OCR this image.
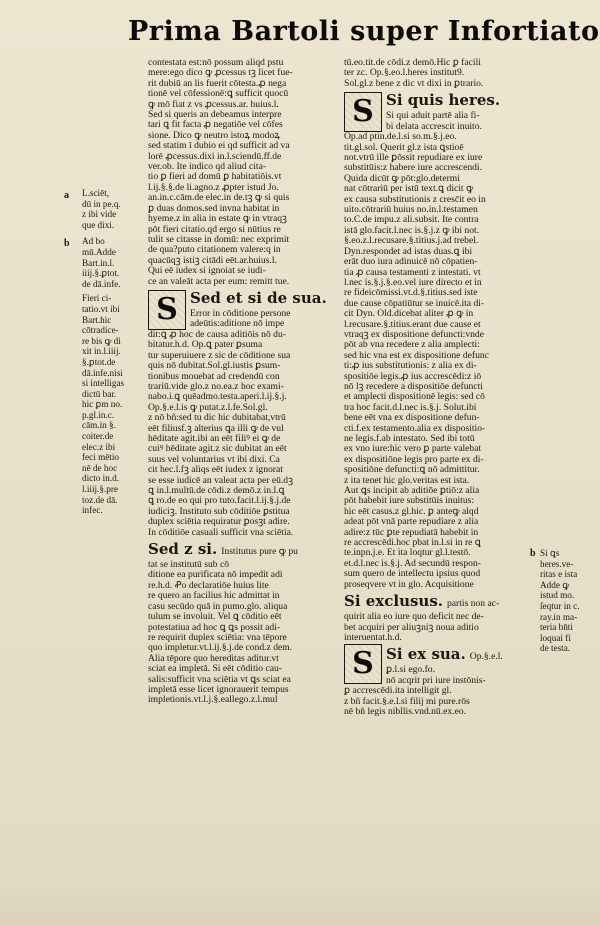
Prima Bartoli super Infortiato
a
b
L.sciēt,
dū in pe.q.
z ibi vide
que dixi.
Ad bo
mū.Adde
Bart.in.l.
iiij.§.ꝑtot.
de dā.infe.
Fieri ci-
tatio.vt ibi
Bart.hic
cōtradice-
re bis ꝙ di
xit in.l.iiij.
§.ꝑtot.de
dā.infe.nisi
si intelligas
dictū bar.
hic ꝑm no.
p.gl.in.c.
cām.in §.
coiter.de
elec.z ibi
feci mētio
nē de hoc
dicto in.d.
l.iiij.§.pre
toz.de dā.
infec.
contestata est:nō possum aliqd pstu
mere:ego dico ꝙ ꝓcessus tꝫ licet fue-
rit dubiū an lis fuerit cōtesta.ꝓ nega
tionē vel cōfessionē:ꝗ sufficit quocū
ꝙ mō fiat z vs ꝓcessus.ar. huius.l.
Sed si queris an debeamus interpre
tari ꝗ fit facta ꝓ negatiōe vel cōfes
sione. Dico ꝙ neutro istoꝝ modoꝝ
sed statim ī dubio ei qd sufficit ad va
lorē ꝓcessus.dixi in.l.sciendū.ff.de
ver.ob. Ite indico qd aliud cita-
tio ꝑ fieri ad domū ꝑ habitatiōis.vt
l.ij.§.§.de li.agno.z ꝓpter istud Jo.
an.in.c.cām.de elec.in de.tꝫ ꝙ si quis
ꝑ duas domos.sed invna habitat in
hyeme.z in alia in estate ꝙ in vtraqꝫ
pōt fieri citatio.qd ergo si nūtius re
tulit se citasse in domū: nec exprimit
de qua?puto citationem valere:q in
quacūqꝫ istiꝫ citādi eēt.ar.huius.l.
Qui eē iudex si ignoiat se iudi-
ce an valeāt acta per eum: remitt tue.
S Sed et si de sua.
Error in cōditione persone
adeūtis:aditione nō impe
dit:ꝗ ꝓ hoc de causa aditiōis nō du-
bitatur.h.d. Op.ꝗ pater ꝑsuma
tur superuiuere z sic de cōditione sua
quis nō dubitat.Sol.gl.iustis ꝑsum-
tionibus mouebat ad credendū con
trariū.vide glo.z no.ea.z hoc exami-
nabo.i.ꝗ quēadmo.testa.aperi.l.ij.§.j.
Op.§.e.l.is ꝙ putat.z.l.fe.Sol.gl.
z nō bñ:sed tu dic hic dubitabat,vtrū
eēt filiusf.ꝫ alterius ꝗa illi ꝙ de vul
hēditate agit.ibi an eēt filiꝰ ei ꝙ de
cuiꝰ hēditate agit.z sic dubitat an eēt
suus vel voluntarius vt ibi dixi. Ca
cit hec.l.fꝫ aliqs eēt iudex z ignorat
se esse iudicē an valeat acta per eū.dꝫ
ꝗ in.l.multū.de cōdi.z demō.z in.l.ꝗ
ꝗ ro.de eo qui pro tuto.facit.l.ij.§.j.de
iudiciꝫ. Instituto sub cōditiōe ꝑstitua
duplex sciētia requiratur ꝑosꝫt adire.
In cōditiōe casuali sufficit vna sciētia.
Sed z si. Institutus pure ꝙ pu
tat se institutū sub cō
ditione ea purificata nō impedit adi
re.h.d. Ꝓo declaratiōe huius lite
re quero an facilius hic admittat in
casu secūdo quā in pumo.glo. aliqua
tulum se involuit. Vel ꝗ cōditio eēt
potestatiua ad hoc ꝗ ꝗs possit adi-
re requirit duplex sciētia: vna tēpore
quo impletur.vt.l.ij.§.j.de cond.z dem.
Alia tēpore quo hereditas aditur.vt
sciat ea impletā. Si eēt cōditio cau-
salis:sufficit vna sciētia vt ꝗs sciat ea
impletā esse licet ignorauerit tempus
impletionis.vt.l.j.§.eallego.z.l.mul
tū.eo.tit.de cōdi.z demō.Hic ꝑ facili
ter zc. Op.§.eo.l.heres institut9.
Sol.gl.z bene z dic vt dixi in ꝑtrario.
S Si quis heres.
Si qui aduit partē alia fi-
bi delata accrescit inuito.
Op.ad ptin.de.l.si so.m.§.j.eo.
tit.gl.sol. Querit gl.z ista ꝗstioē
not.vtrū ille ꝑōssit repudiare ex iure
substitūis:z habere iure accrescendi.
Quida dicūt ꝙ pōt:glo.determi
nat cōtrariū per istū text.ꝗ dicit ꝙ
ex causa substitutionis z cresc̄it eo in
uito.cōtrariū huius no.in.l.testamen
to.C.de impu.z ali.subsit. Ite contra
istā glo.facit.l.nec is.§.j.z ꝙ ibi not.
§.eo.z.l.recusare.§.titius.j.ad trebel.
Dyn.respondet ad istas duas.ꝗ ibi
erāt duo iura adinuicē nō cōpatien-
tia ꝓ causa testamenti z intestati. vt
l.nec is.§.j.§.eo.vel iure directo et in
re fideicōmissi.vt.d.§.titius.sed iste
due cause cōpatiūtur se inuicē.ita di-
cit Dyn. Old.dicebat aliter ꝓ ꝙ in
l.recusare.§.titius.erant due cause et
vtraqꝫ ex dispositione defuncti:vnde
pōt ab vna recedere z alia amplecti:
sed hic vna est ex dispositione defunc
ti:ꝓ ius substitutionis: z alia ex di-
spositiōe legis.ꝓ ius accrescēdi:z iō
nō lꝫ recedere a dispositiōe defuncti
et amplecti dispositionē legis: sed cō
tra hoc facit.d.l.nec is.§.j. Solut.ibi
bene eēt vna ex dispositione defun-
cti.f.ex testamento.alia ex dispositio-
ne legis.f.ab intestato. Sed ibi totū
ex vno iure:hic vero ꝑ parte valebat
ex dispositiōne legis pro parte ex di-
spositiōne defuncti:ꝗ nō admittitur.
z ita tenet hic glo.veritas est ista.
Aut ꝗs incipit ab aditiōe ꝑtiō:z alia
pōt habebit iure substitūis inuitus:
hic eēt casus.z gl.hic. ꝑ anteꝙ alqd
adeat pōt vnā parte repudiare z alia
adire:z tūc ꝑte repudiatā habebit in
re accrescēdi.hoc pbat in.l.si in re ꝗ
te.inpn.j.e. Et ita loqtur gl.l.testō.
et.d.l.nec is.§.j. Ad secundū respon-
sum quero de intellectu ipsius quod
proseqvere vt in glo. Acquisitione
Si exclusus. partis non ac-
quirit alia eo iure quo deficit nec de-
bet acquiri per aliuꝫniꝫ noua aditio
interuentat.h.d.
S Si ex sua. Op.§.e.l.
ꝑ.l.si ego.fo.
nō acqrit pri iure instōnis-
ꝑ accrescēdi.ita intelligit gl.
z bñ facit.§.e.l.si filij mi pure.rōs
nē bñ legis nibllis.vnd.nū.ex.eo.
b Si ꝗs
heres.ve-
ritas e ista
Adde ꝙ
istud mo.
ſeqtur in c.
ray.in ma-
teria bn̄ti
loquai fi
de testa.
